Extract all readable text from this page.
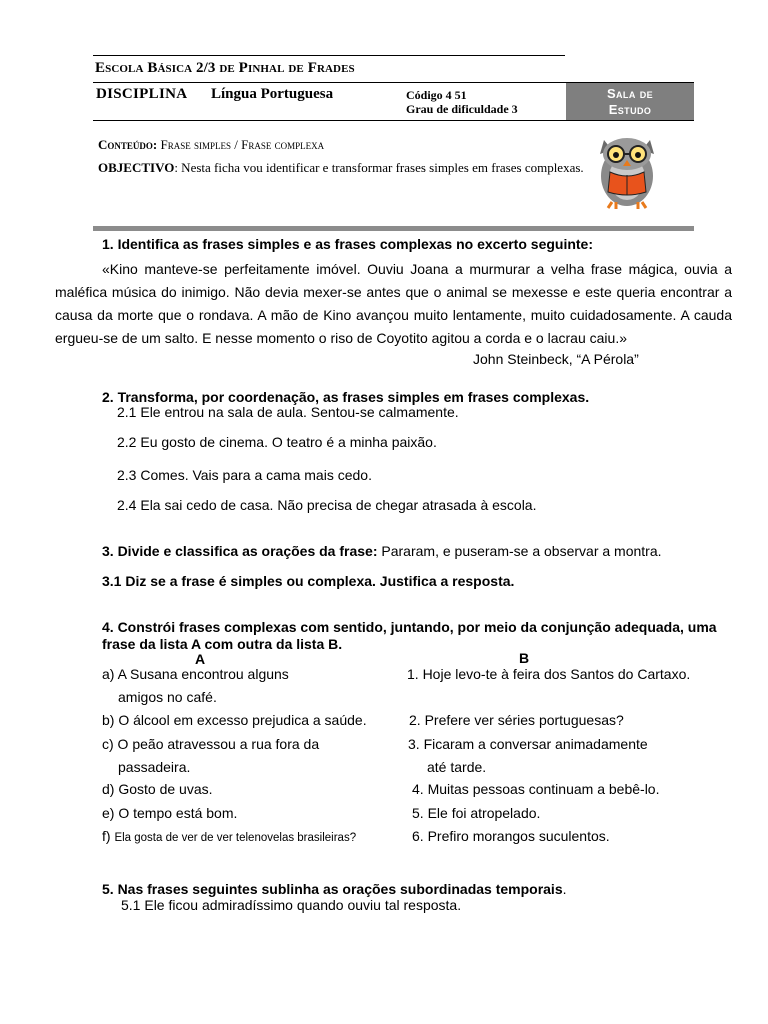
Escola Básica 2/3 de Pinhal de Frades
DISCIPLINA Língua Portuguesa	Código 4 51
Grau de dificuldade 3
Sala de
Estudo
Conteúdo: Frase simples / Frase complexa
OBJECTIVO: Nesta ficha vou identificar e transformar frases simples em frases complexas.
1. Identifica as frases simples e as frases complexas no excerto seguinte:
«Kino manteve-se perfeitamente imóvel. Ouviu Joana a murmurar a velha frase mágica, ouvia a maléfica música do inimigo. Não devia mexer-se antes que o animal se mexesse e este queria encontrar a causa da morte que o rondava. A mão de Kino avançou muito lentamente, muito cuidadosamente. A cauda ergueu-se de um salto. E nesse momento o riso de Coyotito agitou a corda e o lacrau caiu.»
John Steinbeck, “A Pérola”
2. Transforma, por coordenação, as frases simples em frases complexas.
2.1 Ele entrou na sala de aula. Sentou-se calmamente.
2.2 Eu gosto de cinema. O teatro é a minha paixão.
2.3 Comes. Vais para a cama mais cedo.
2.4 Ela sai cedo de casa. Não precisa de chegar atrasada à escola.
3. Divide e classifica as orações da frase: Pararam, e puseram-se a observar a montra.
3.1 Diz se a frase é simples ou complexa. Justifica a resposta.
4. Constrói frases complexas com sentido, juntando, por meio da conjunção adequada, uma
frase da lista A com outra da lista B.
A	B
a) A Susana encontrou alguns
amigos no café.
b) O álcool em excesso prejudica a saúde.
c) O peão atravessou a rua fora da
passadeira.
d) Gosto de uvas.
e) O tempo está bom.
f) Ela gosta de ver de ver telenovelas brasileiras?
1. Hoje levo-te à feira dos Santos do Cartaxo.
2. Prefere ver séries portuguesas?
3. Ficaram a conversar animadamente
até tarde.
4. Muitas pessoas continuam a bebê-lo.
5. Ele foi atropelado.
6. Prefiro morangos suculentos.
5. Nas frases seguintes sublinha as orações subordinadas temporais.
5.1 Ele ficou admiradíssimo quando ouviu tal resposta.
